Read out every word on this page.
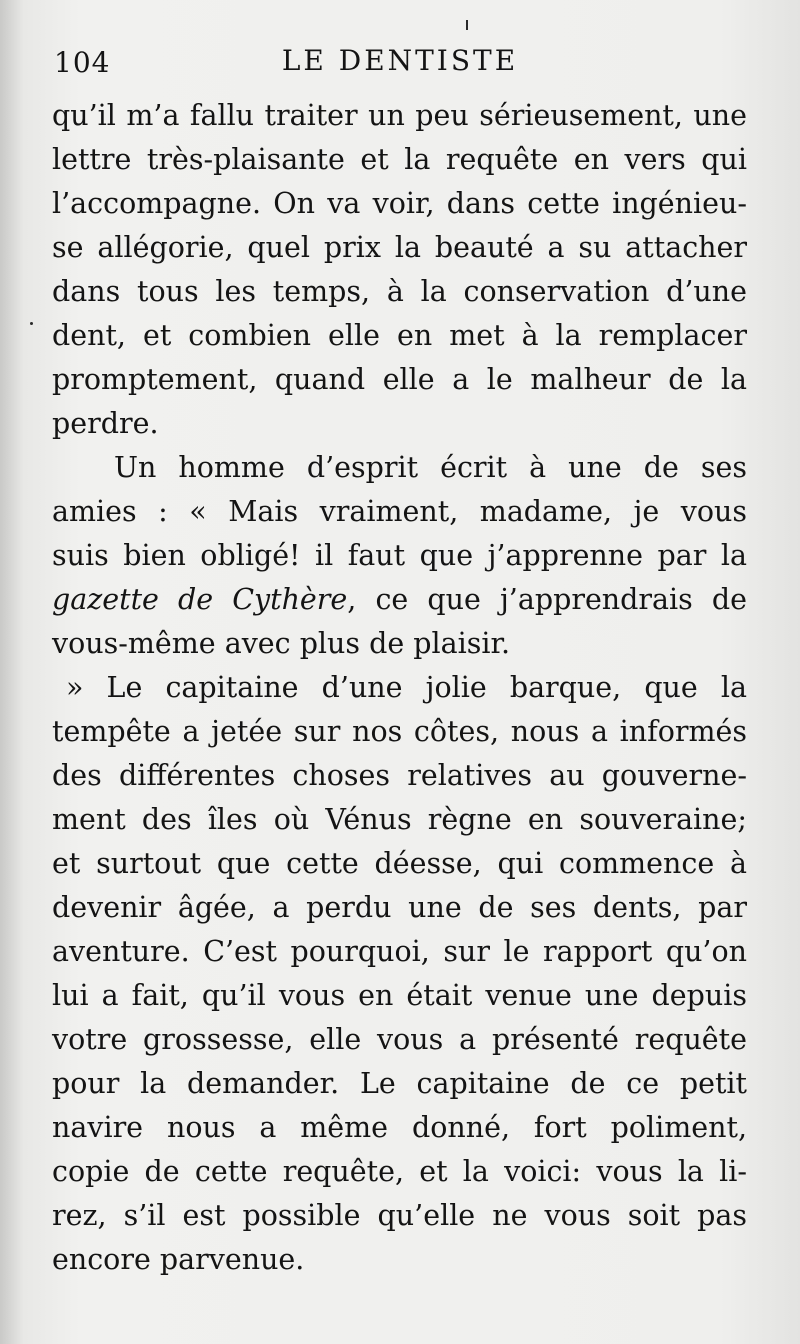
104	LE DENTISTE
qu’il m’a fallu traiter un peu sérieusement, une
lettre très-plaisante et la requête en vers qui
l’accompagne. On va voir, dans cette ingénieu-
se allégorie, quel prix la beauté a su attacher
dans tous les temps, à la conservation d’une
dent, et combien elle en met à la remplacer
promptement, quand elle a le malheur de la
perdre.
Un homme d’esprit écrit à une de ses
amies : « Mais vraiment, madame, je vous
suis bien obligé! il faut que j’apprenne par la
gazette de Cythère, ce que j’apprendrais de
vous-même avec plus de plaisir.
» Le capitaine d’une jolie barque, que la
tempête a jetée sur nos côtes, nous a informés
des différentes choses relatives au gouverne-
ment des îles où Vénus règne en souveraine;
et surtout que cette déesse, qui commence à
devenir âgée, a perdu une de ses dents, par
aventure. C’est pourquoi, sur le rapport qu’on
lui a fait, qu’il vous en était venue une depuis
votre grossesse, elle vous a présenté requête
pour la demander. Le capitaine de ce petit
navire nous a même donné, fort poliment,
copie de cette requête, et la voici: vous la li-
rez, s’il est possible qu’elle ne vous soit pas
encore parvenue.
